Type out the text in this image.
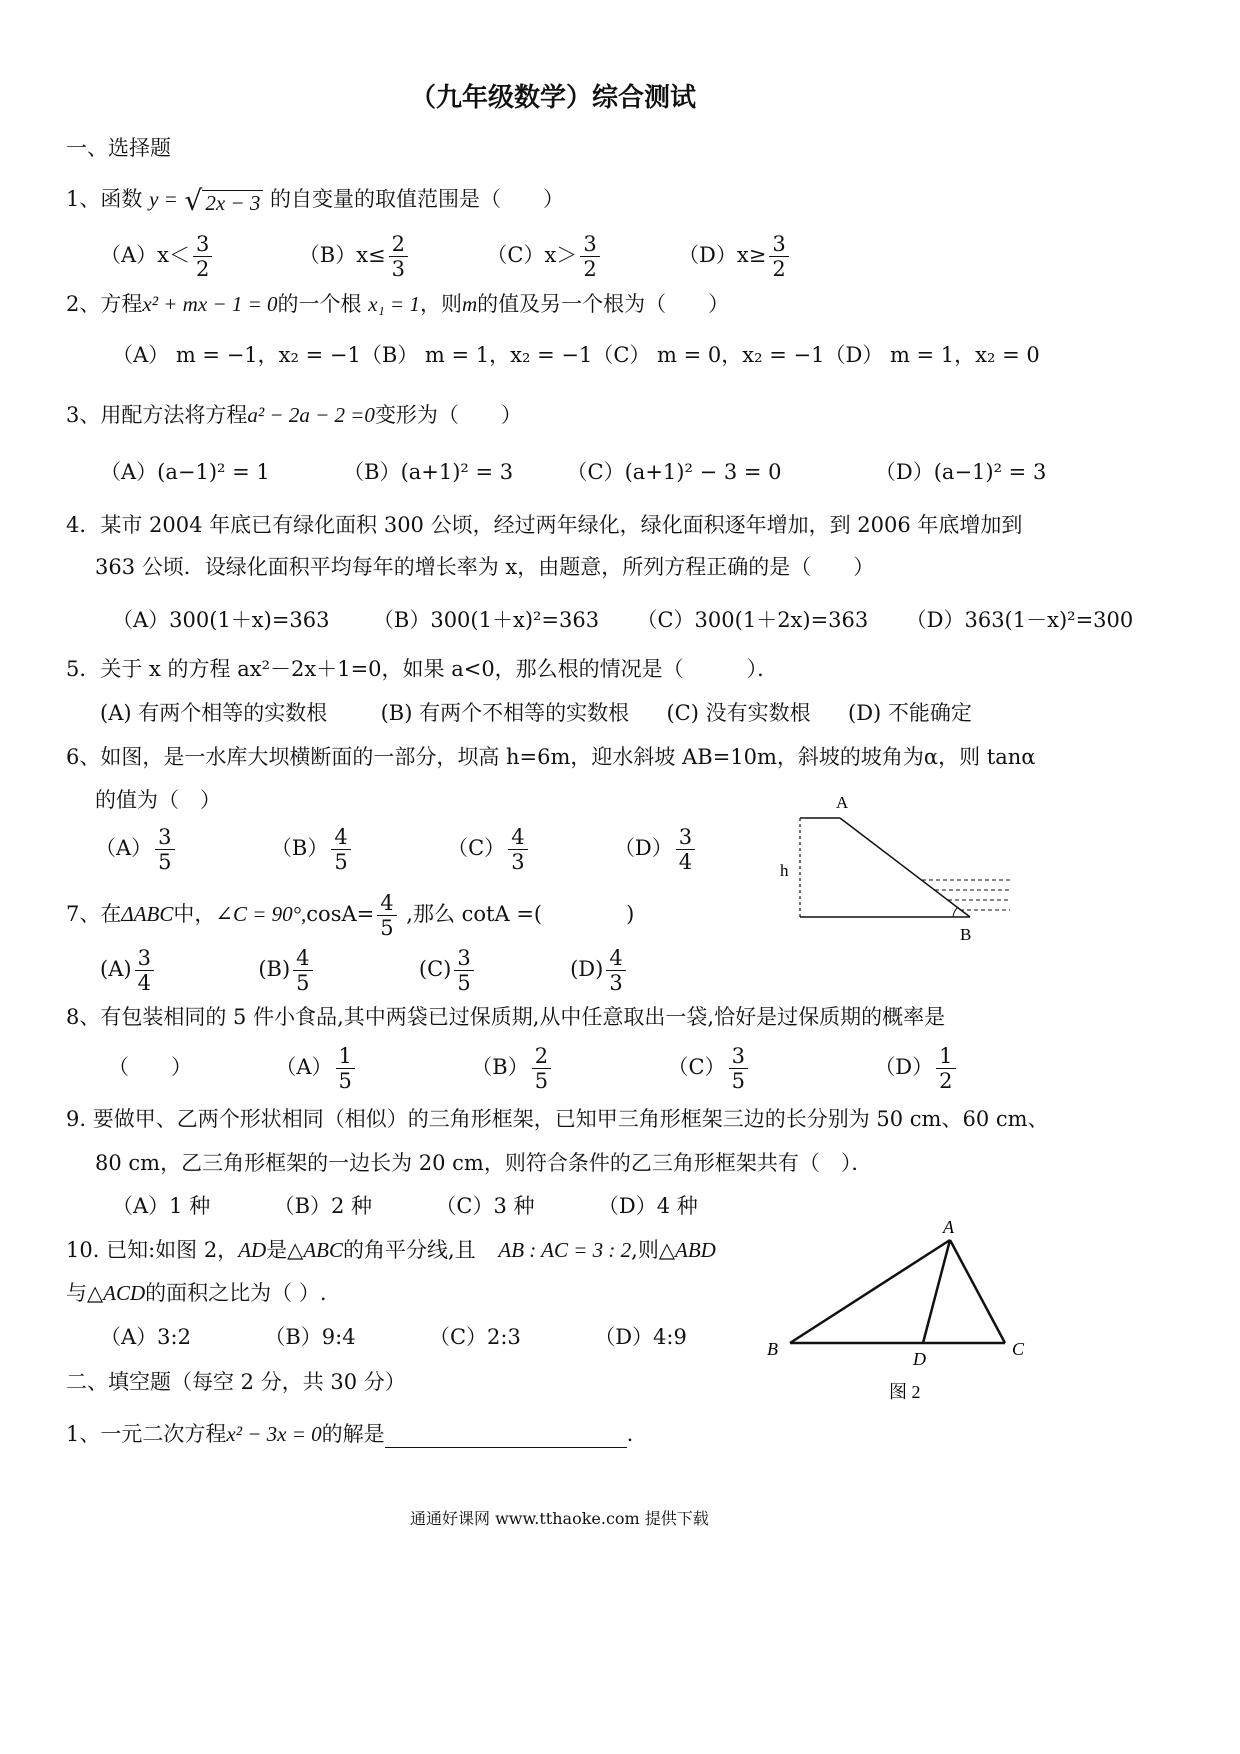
（九年级数学）综合测试
一、选择题
1、函数 y = √ 2x − 3 的自变量的取值范围是（　　）
$(A)x< \frac{3}{2}$	$(B)x\le \frac{2}{3}$	$(C)x> \frac{3}{2}$	$(D)x\ge \frac{3}{2}$
2、方程x² + mx − 1 = 0的一个根 x₁ = 1，则m的值及另一个根为（　　）
（A） m = −1，x₂ = −1（B） m = 1，x₂ = −1（C） m = 0，x₂ = −1（D） m = 1，x₂ = 0
3、用配方法将方程a² − 2a − 2 =0变形为（　　）
（A）(a−1)² = 1	（B）(a+1)² = 3	（C）(a+1)² − 3 = 0	（D）(a−1)² = 3
4．某市 2004 年底已有绿化面积 300 公顷，经过两年绿化，绿化面积逐年增加，到 2006 年底增加到
363 公顷．设绿化面积平均每年的增长率为 x，由题意，所列方程正确的是（　　）
（A）300(1＋x)=363 （B）300(1＋x)²=363 （C）300(1＋2x)=363 （D）363(1－x)²=300
5．关于 x 的方程 ax²－2x＋1=0，如果 a<0，那么根的情况是（　　　）．
(A) 有两个相等的实数根	(B) 有两个不相等的实数根 (C) 没有实数根 (D) 不能确定
6、如图，是一水库大坝横断面的一部分，坝高 h=6m，迎水斜坡 AB=10m，斜坡的坡角为α，则 tanα
的值为（　）
$(A) \frac{3}{5}$	$(B) \frac{4}{5}$	$(C) \frac{4}{3}$	$(D) \frac{3}{4}$
A
B
h
7、在ΔABC中，∠C = $90^\circ,\cos A= \frac{4}{5}$ ,那么 cotA =(　　　　)
$(A) \frac{3}{4}$	$(B) \frac{4}{5}$	$(C) \frac{3}{5}$	$(D) \frac{4}{3}$
8、有包装相同的 5 件小食品,其中两袋已过保质期,从中任意取出一袋,恰好是过保质期的概率是
（　　）	$(A) \frac{1}{5}$	$(B) \frac{2}{5}$	$(C) \frac{3}{5}$	$(D) \frac{1}{2}$
9. 要做甲、乙两个形状相同（相似）的三角形框架，已知甲三角形框架三边的长分别为 50 cm、60 cm、
80 cm，乙三角形框架的一边长为 20 cm，则符合条件的乙三角形框架共有（　）．
（A）1 种	（B）2 种	（C）3 种	（D）4 种
10. 已知:如图 2，AD是△ABC的角平分线,且 AB : AC = 3 : 2,则△ABD
与△ACD的面积之比为（ ）.
（A）3:2	（B）9:4	（C）2:3	（D）4:9
A
B	C
D
图 2
二、填空题（每空 2 分，共 30 分）
1、一元二次方程x² − 3x = 0的解是	.
通通好课网 www.tthaoke.com 提供下载
